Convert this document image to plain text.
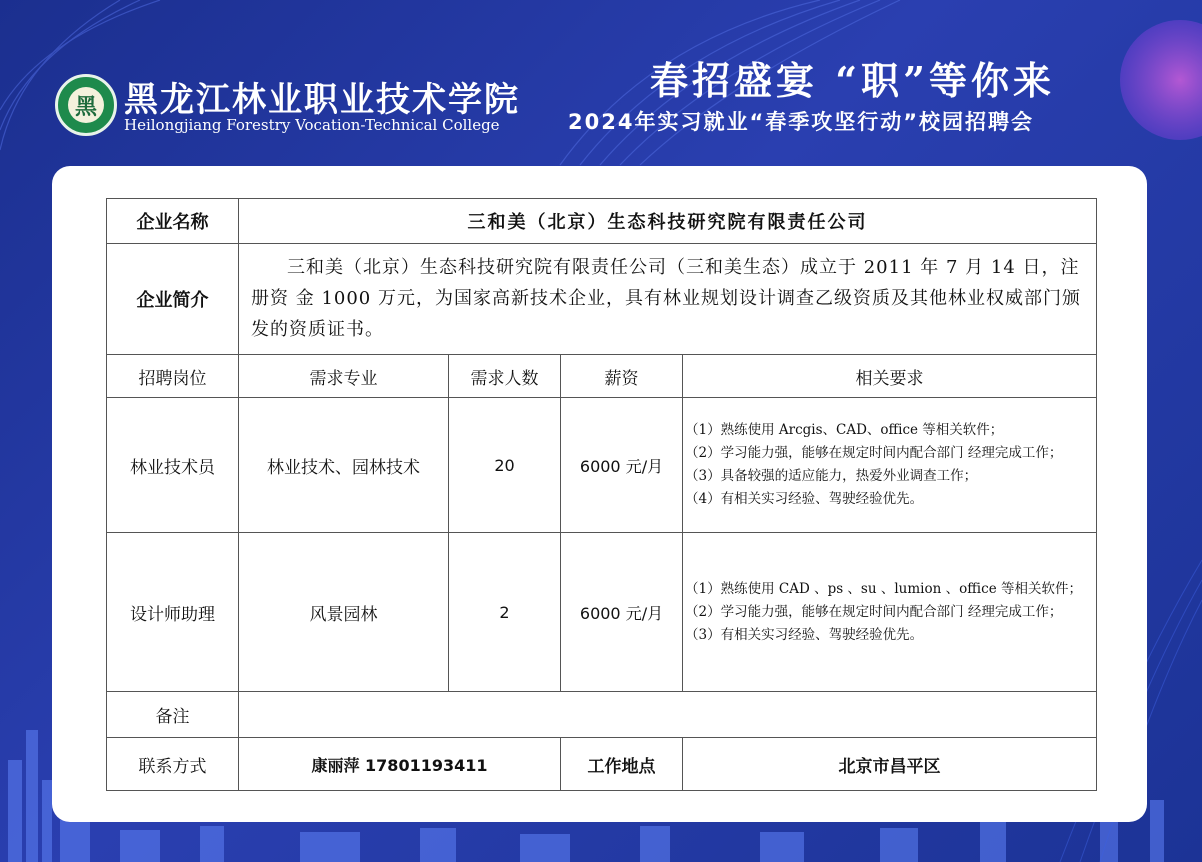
黑 黑龙江林业职业技术学院
Heilongjiang Forestry Vocation-Technical College
春招盛宴 “职”等你来
2024年实习就业“春季攻坚行动”校园招聘会
企业名称	三和美（北京）生态科技研究院有限责任公司			
企业简介	三和美（北京）生态科技研究院有限责任公司（三和美生态）成立于 2011 年 7 月 14 日，注册资 金 1000 万元，为国家高新技术企业，具有林业规划设计调查乙级资质及其他林业权威部门颁发的资质证书。			
招聘岗位	需求专业	需求人数	薪资	相关要求
林业技术员	林业技术、园林技术	20	6000 元/月	（1）熟练使用 Arcgis、CAD、office 等相关软件；

（2）学习能力强，能够在规定时间内配合部门 经理完成工作；

（3）具备较强的适应能力，热爱外业调查工作；

（4）有相关实习经验、驾驶经验优先。

设计师助理	风景园林	2	6000 元/月	（1）熟练使用 CAD 、ps 、su 、lumion 、office 等相关软件；

（2）学习能力强，能够在规定时间内配合部门 经理完成工作；

（3）有相关实习经验、驾驶经验优先。

备注				
联系方式	康丽萍 17801193411		工作地点	北京市昌平区
